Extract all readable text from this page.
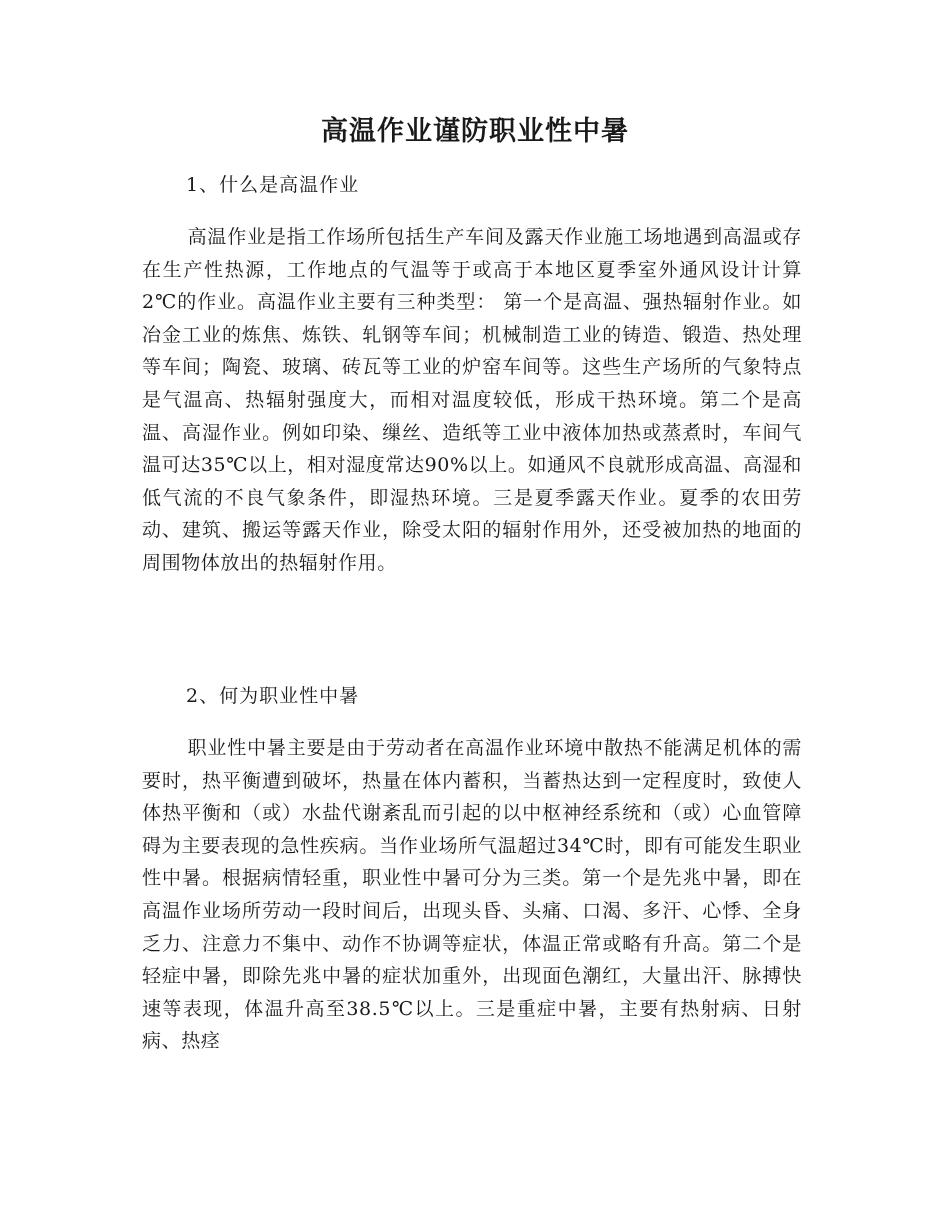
高温作业谨防职业性中暑
1、什么是高温作业

高温作业是指工作场所包括生产车间及露天作业施工场地遇到高温或存在生产性热源，工作地点的气温等于或高于本地区夏季室外通风设计计算2℃的作业。高温作业主要有三种类型： 第一个是高温、强热辐射作业。如冶金工业的炼焦、炼铁、轧钢等车间；机械制造工业的铸造、锻造、热处理等车间；陶瓷、玻璃、砖瓦等工业的炉窑车间等。这些生产场所的气象特点是气温高、热辐射强度大，而相对温度较低，形成干热环境。第二个是高温、高湿作业。例如印染、缫丝、造纸等工业中液体加热或蒸煮时，车间气温可达35℃以上，相对湿度常达90%以上。如通风不良就形成高温、高湿和低气流的不良气象条件，即湿热环境。三是夏季露天作业。夏季的农田劳动、建筑、搬运等露天作业，除受太阳的辐射作用外，还受被加热的地面的周围物体放出的热辐射作用。

2、何为职业性中暑

职业性中暑主要是由于劳动者在高温作业环境中散热不能满足机体的需要时，热平衡遭到破坏，热量在体内蓄积，当蓄热达到一定程度时，致使人体热平衡和（或）水盐代谢紊乱而引起的以中枢神经系统和（或）心血管障碍为主要表现的急性疾病。当作业场所气温超过34℃时，即有可能发生职业性中暑。根据病情轻重，职业性中暑可分为三类。第一个是先兆中暑，即在高温作业场所劳动一段时间后，出现头昏、头痛、口渴、多汗、心悸、全身乏力、注意力不集中、动作不协调等症状，体温正常或略有升高。第二个是轻症中暑，即除先兆中暑的症状加重外，出现面色潮红，大量出汗、脉搏快速等表现，体温升高至38.5℃以上。三是重症中暑，主要有热射病、日射病、热痉
